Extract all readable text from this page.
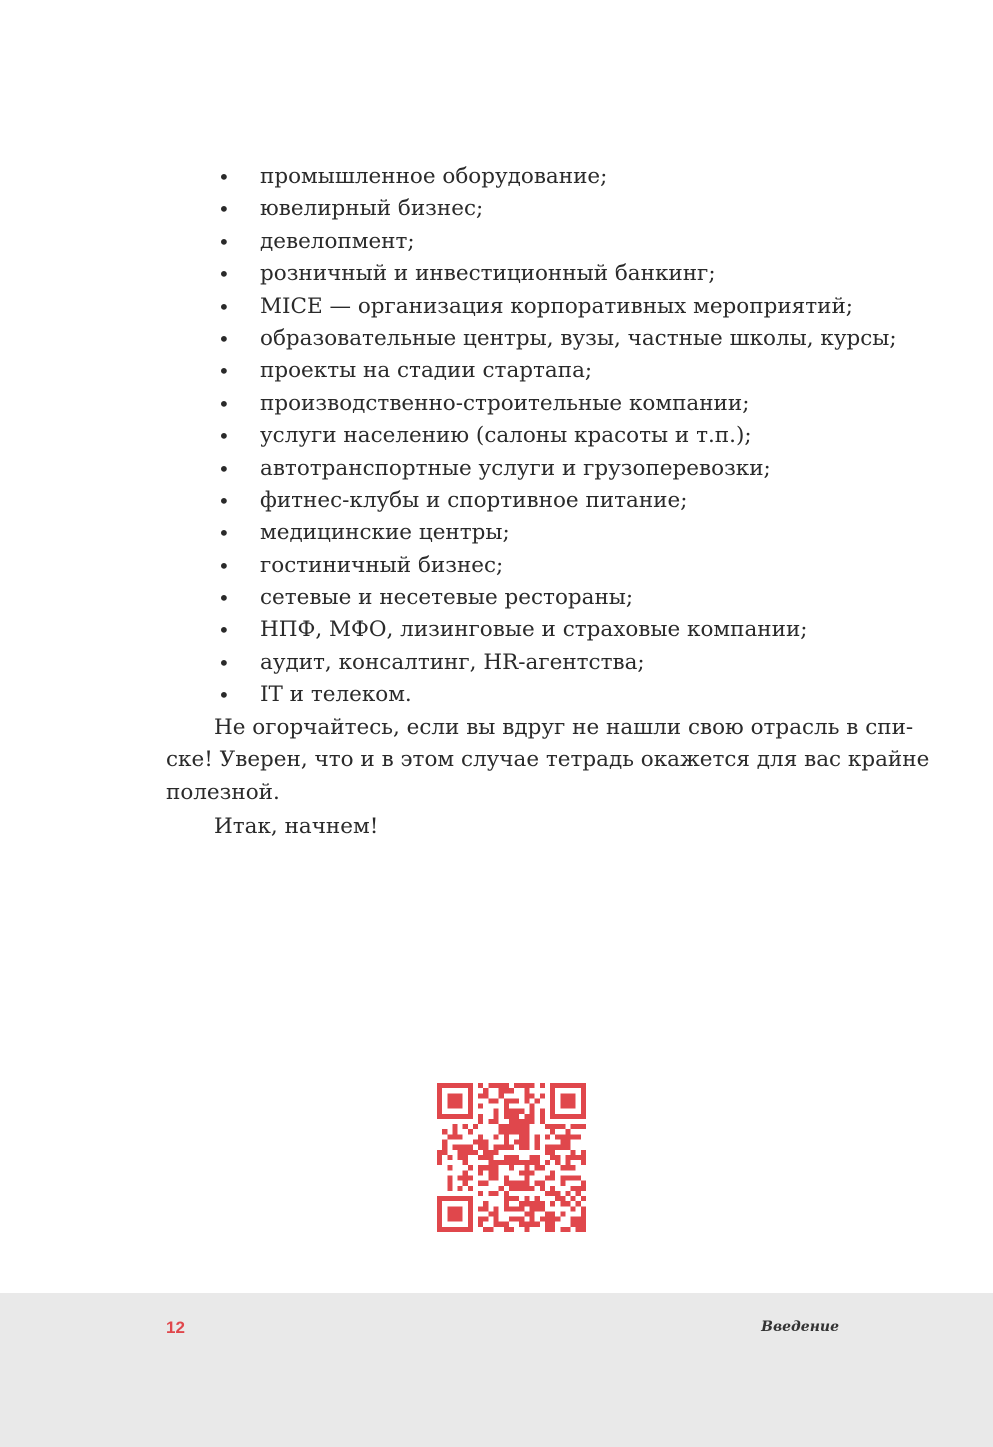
• промышленное оборудование;
• ювелирный бизнес;
• девелопмент;
• розничный и инвестиционный банкинг;
• MICE — организация корпоративных мероприятий;
• образовательные центры, вузы, частные школы, курсы;
• проекты на стадии стартапа;
• производственно-строительные компании;
• услуги населению (салоны красоты и т.п.);
• автотранспортные услуги и грузоперевозки;
• фитнес-клубы и спортивное питание;
• медицинские центры;
• гостиничный бизнес;
• сетевые и несетевые рестораны;
• НПФ, МФО, лизинговые и страховые компании;
• аудит, консалтинг, HR-агентства;
• IT и телеком.

Не огорчайтесь, если вы вдруг не нашли свою отрасль в спи-
ске! Уверен, что и в этом случае тетрадь окажется для вас крайне
полезной.

Итак, начнем!

12	Введение
